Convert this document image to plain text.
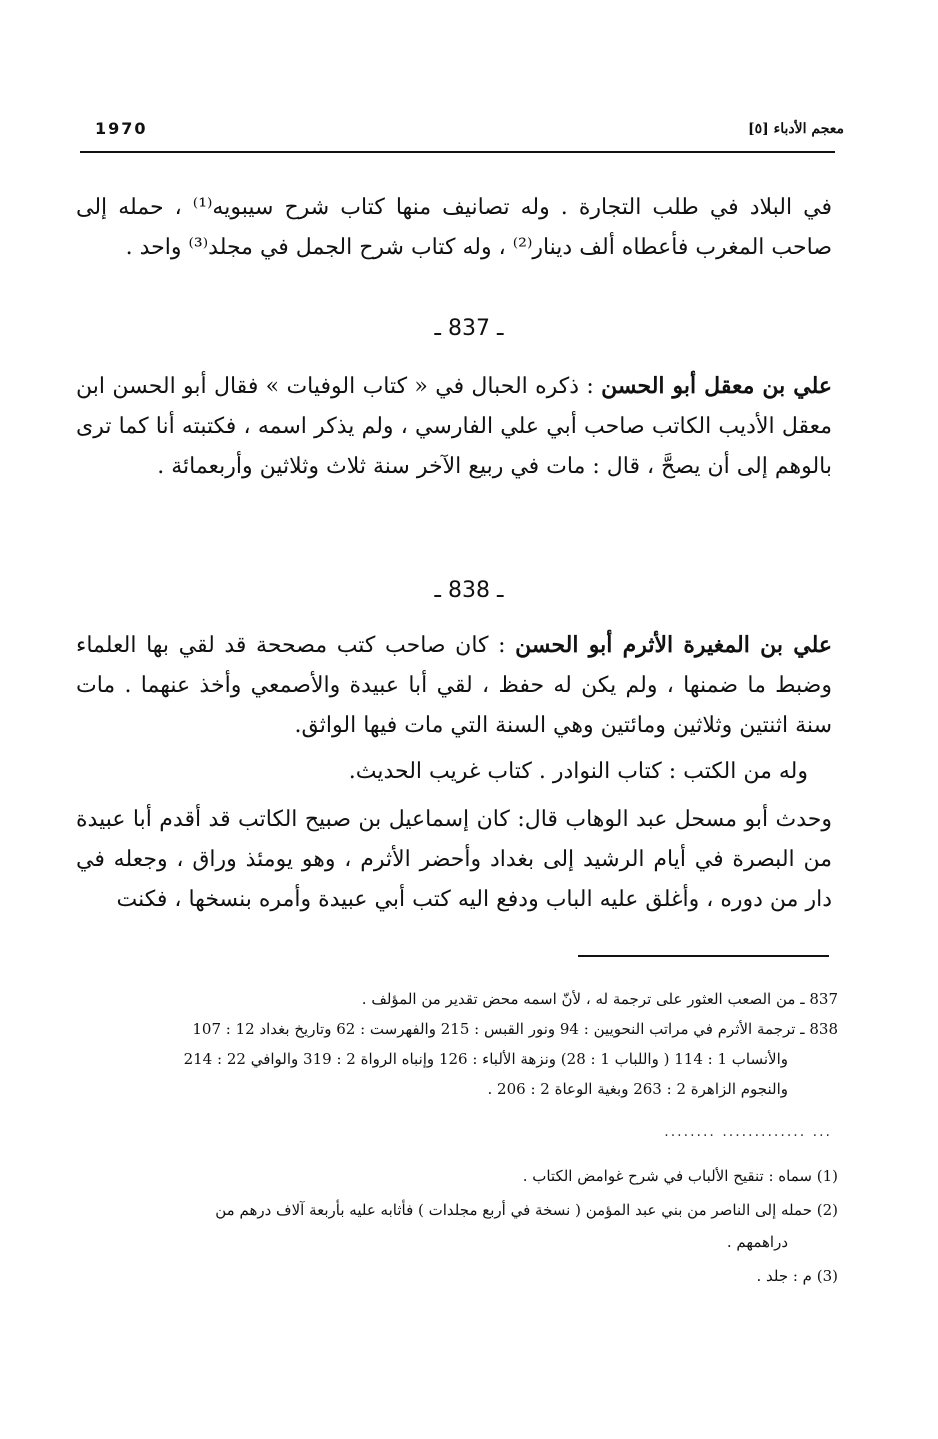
معجم الأدباء [٥]
1970

في البلاد في طلب التجارة . وله تصانيف منها كتاب شرح سيبويه⁽¹⁾ ، حمله إلى صاحب المغرب فأعطاه ألف دينار⁽²⁾ ، وله كتاب شرح الجمل في مجلد⁽³⁾ واحد .

ـ 837 ـ

علي بن معقل أبو الحسن : ذكره الحبال في « كتاب الوفيات » فقال أبو الحسن ابن معقل الأديب الكاتب صاحب أبي علي الفارسي ، ولم يذكر اسمه ، فكتبته أنا كما ترى بالوهم إلى أن يصحَّ ، قال : مات في ربيع الآخر سنة ثلاث وثلاثين وأربعمائة .

ـ 838 ـ

علي بن المغيرة الأثرم أبو الحسن : كان صاحب كتب مصححة قد لقي بها العلماء وضبط ما ضمنها ، ولم يكن له حفظ ، لقي أبا عبيدة والأصمعي وأخذ عنهما . مات سنة اثنتين وثلاثين ومائتين وهي السنة التي مات فيها الواثق.

وله من الكتب : كتاب النوادر . كتاب غريب الحديث.

وحدث أبو مسحل عبد الوهاب قال: كان إسماعيل بن صبيح الكاتب قد أقدم أبا عبيدة من البصرة في أيام الرشيد إلى بغداد وأحضر الأثرم ، وهو يومئذ وراق ، وجعله في دار من دوره ، وأغلق عليه الباب ودفع اليه كتب أبي عبيدة وأمره بنسخها ، فكنت

837 ـ من الصعب العثور على ترجمة له ، لأنّ اسمه محض تقدير من المؤلف .
838 ـ ترجمة الأثرم في مراتب النحويين : 94 ونور القبس : 215 والفهرست : 62 وتاريخ بغداد 12 : 107
والأنساب 1 : 114 ( واللباب 1 : 28) ونزهة الألباء : 126 وإنباه الرواة 2 : 319 والوافي 22 : 214
والنجوم الزاهرة 2 : 263 وبغية الوعاة 2 : 206 .
........ ............. ...
(1) سماه : تنقيح الألباب في شرح غوامض الكتاب .
(2) حمله إلى الناصر من بني عبد المؤمن ( نسخة في أربع مجلدات ) فأثابه عليه بأربعة آلاف درهم من
دراهمهم .
(3) م : جلد .
